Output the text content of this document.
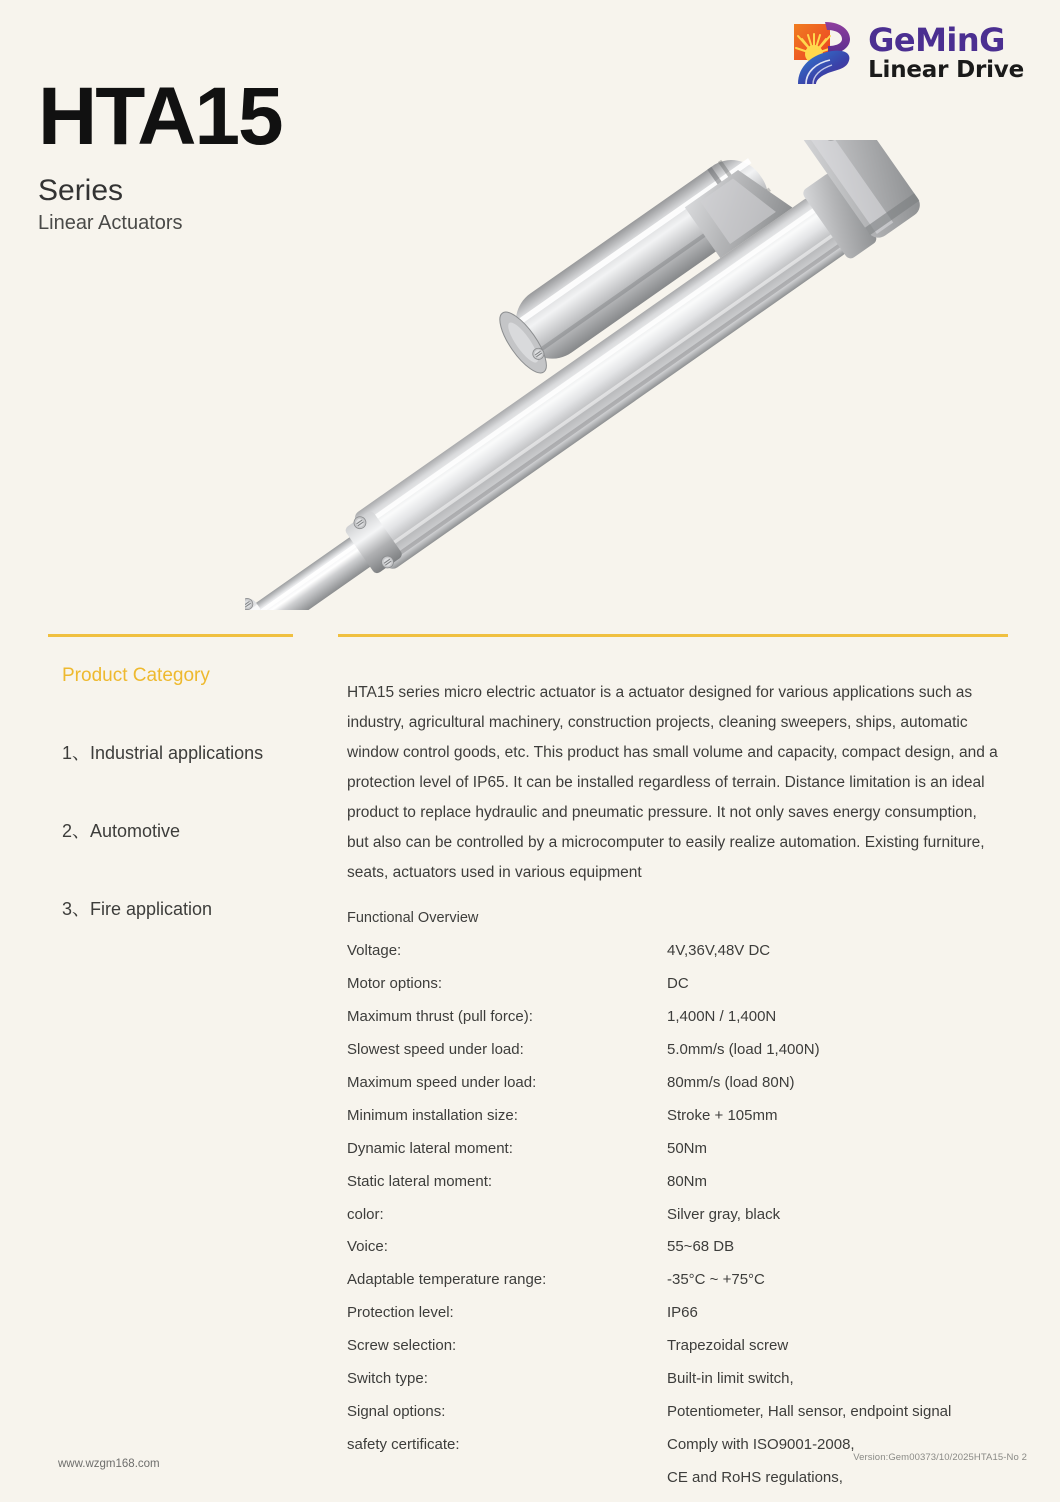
GeMinG
Linear Drive
HTA15
Series
Linear Actuators
Product Category
1、Industrial applications
2、Automotive
3、Fire application

HTA15 series micro electric actuator is a actuator designed for various applications such as industry, agricultural machinery, construction projects, cleaning sweepers, ships, automatic window control goods, etc. This product has small volume and capacity, compact design, and a protection level of IP65. It can be installed regardless of terrain. Distance limitation is an ideal product to replace hydraulic and pneumatic pressure. It not only saves energy consumption, but also can be controlled by a microcomputer to easily realize automation. Existing furniture, seats, actuators used in various equipment

Functional Overview
Voltage:	4V,36V,48V DC
Motor options:	DC
Maximum thrust (pull force):	1,400N / 1,400N
Slowest speed under load:	5.0mm/s (load 1,400N)
Maximum speed under load:	80mm/s (load 80N)
Minimum installation size:	Stroke + 105mm
Dynamic lateral moment:	50Nm
Static lateral moment:	80Nm
color:	Silver gray, black
Voice:	55~68 DB
Adaptable temperature range:	-35°C ~ +75°C
Protection level:	IP66
Screw selection:	Trapezoidal screw
Switch type:	Built-in limit switch,
Signal options:	Potentiometer, Hall sensor, endpoint signal
safety certificate:	Comply with ISO9001-2008,
CE and RoHS regulations,
www.wzgm168.com
Version:Gem00373/10/2025HTA15-No 2
